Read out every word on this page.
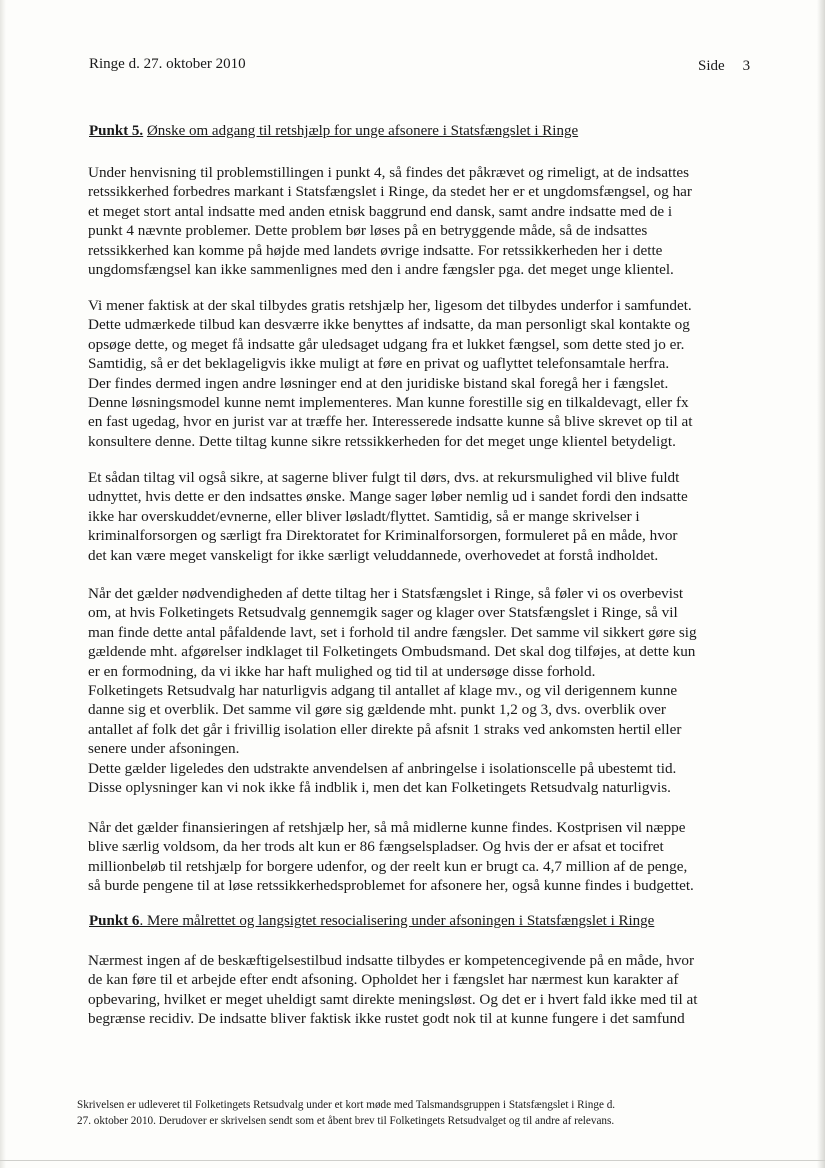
Ringe d. 27. oktober 2010	Side 3
Punkt 5. Ønske om adgang til retshjælp for unge afsonere i Statsfængslet i Ringe
Under henvisning til problemstillingen i punkt 4, så findes det påkrævet og rimeligt, at de indsattes
retssikkerhed forbedres markant i Statsfængslet i Ringe, da stedet her er et ungdomsfængsel, og har
et meget stort antal indsatte med anden etnisk baggrund end dansk, samt andre indsatte med de i
punkt 4 nævnte problemer. Dette problem bør løses på en betryggende måde, så de indsattes
retssikkerhed kan komme på højde med landets øvrige indsatte. For retssikkerheden her i dette
ungdomsfængsel kan ikke sammenlignes med den i andre fængsler pga. det meget unge klientel.
Vi mener faktisk at der skal tilbydes gratis retshjælp her, ligesom det tilbydes underfor i samfundet.
Dette udmærkede tilbud kan desværre ikke benyttes af indsatte, da man personligt skal kontakte og
opsøge dette, og meget få indsatte går uledsaget udgang fra et lukket fængsel, som dette sted jo er.
Samtidig, så er det beklageligvis ikke muligt at føre en privat og uaflyttet telefonsamtale herfra.
Der findes dermed ingen andre løsninger end at den juridiske bistand skal foregå her i fængslet.
Denne løsningsmodel kunne nemt implementeres. Man kunne forestille sig en tilkaldevagt, eller fx
en fast ugedag, hvor en jurist var at træffe her. Interesserede indsatte kunne så blive skrevet op til at
konsultere denne. Dette tiltag kunne sikre retssikkerheden for det meget unge klientel betydeligt.
Et sådan tiltag vil også sikre, at sagerne bliver fulgt til dørs, dvs. at rekursmulighed vil blive fuldt
udnyttet, hvis dette er den indsattes ønske. Mange sager løber nemlig ud i sandet fordi den indsatte
ikke har overskuddet/evnerne, eller bliver løsladt/flyttet. Samtidig, så er mange skrivelser i
kriminalforsorgen og særligt fra Direktoratet for Kriminalforsorgen, formuleret på en måde, hvor
det kan være meget vanskeligt for ikke særligt veluddannede, overhovedet at forstå indholdet.
Når det gælder nødvendigheden af dette tiltag her i Statsfængslet i Ringe, så føler vi os overbevist
om, at hvis Folketingets Retsudvalg gennemgik sager og klager over Statsfængslet i Ringe, så vil
man finde dette antal påfaldende lavt, set i forhold til andre fængsler. Det samme vil sikkert gøre sig
gældende mht. afgørelser indklaget til Folketingets Ombudsmand. Det skal dog tilføjes, at dette kun
er en formodning, da vi ikke har haft mulighed og tid til at undersøge disse forhold.
Folketingets Retsudvalg har naturligvis adgang til antallet af klage mv., og vil derigennem kunne
danne sig et overblik. Det samme vil gøre sig gældende mht. punkt 1,2 og 3, dvs. overblik over
antallet af folk det går i frivillig isolation eller direkte på afsnit 1 straks ved ankomsten hertil eller
senere under afsoningen.
Dette gælder ligeledes den udstrakte anvendelsen af anbringelse i isolationscelle på ubestemt tid.
Disse oplysninger kan vi nok ikke få indblik i, men det kan Folketingets Retsudvalg naturligvis.
Når det gælder finansieringen af retshjælp her, så må midlerne kunne findes. Kostprisen vil næppe
blive særlig voldsom, da her trods alt kun er 86 fængselspladser. Og hvis der er afsat et tocifret
millionbeløb til retshjælp for borgere udenfor, og der reelt kun er brugt ca. 4,7 million af de penge,
så burde pengene til at løse retssikkerhedsproblemet for afsonere her, også kunne findes i budgettet.
Punkt 6. Mere målrettet og langsigtet resocialisering under afsoningen i Statsfængslet i Ringe
Nærmest ingen af de beskæftigelsestilbud indsatte tilbydes er kompetencegivende på en måde, hvor
de kan føre til et arbejde efter endt afsoning. Opholdet her i fængslet har nærmest kun karakter af
opbevaring, hvilket er meget uheldigt samt direkte meningsløst. Og det er i hvert fald ikke med til at
begrænse recidiv. De indsatte bliver faktisk ikke rustet godt nok til at kunne fungere i det samfund
Skrivelsen er udleveret til Folketingets Retsudvalg under et kort møde med Talsmandsgruppen i Statsfængslet i Ringe d.
27. oktober 2010. Derudover er skrivelsen sendt som et åbent brev til Folketingets Retsudvalget og til andre af relevans.
